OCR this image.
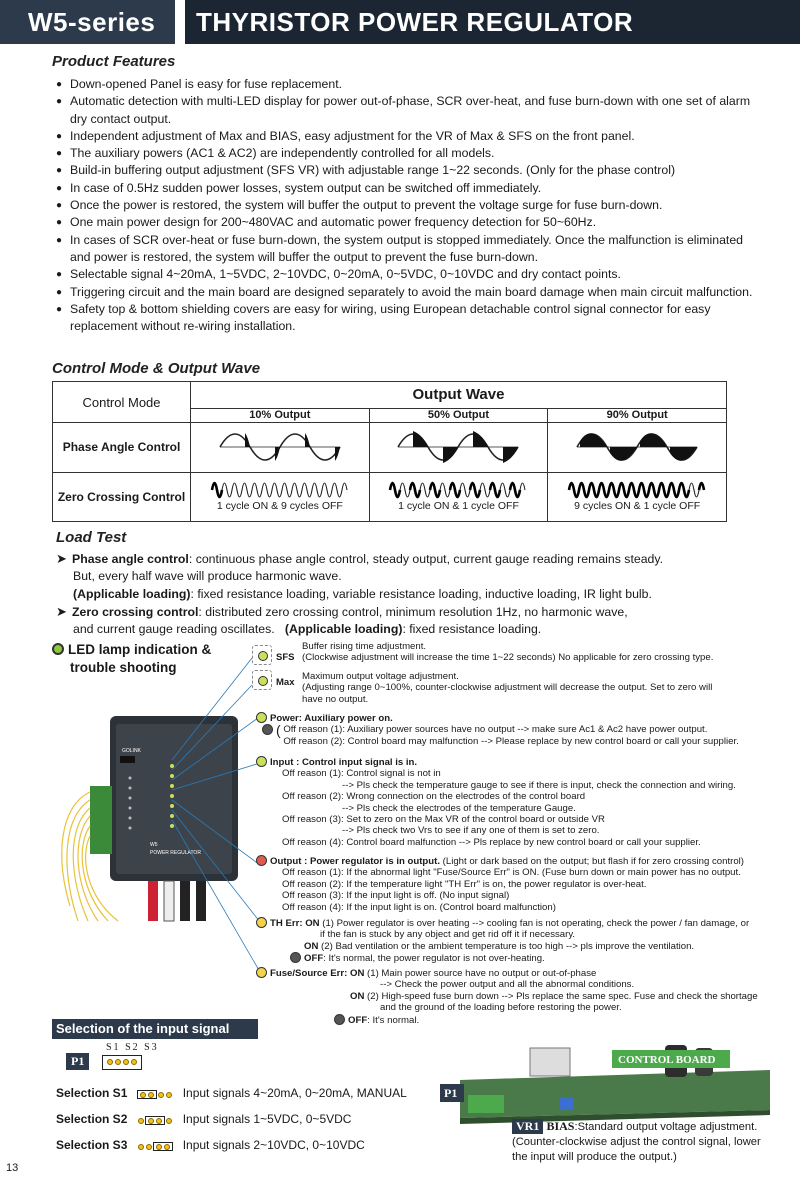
W5-series	THYRISTOR POWER REGULATOR
Product Features
● Down-opened Panel is easy for fuse replacement.
● Automatic detection with multi-LED display for power out-of-phase, SCR over-heat, and fuse burn-down with one set of alarm dry contact output.
● Independent adjustment of Max and BIAS, easy adjustment for the VR of Max & SFS on the front panel.
● The auxiliary powers (AC1 & AC2) are independently controlled for all models.
● Build-in buffering output adjustment (SFS VR) with adjustable range 1~22 seconds. (Only for the phase control)
● In case of 0.5Hz sudden power losses, system output can be switched off immediately.
● Once the power is restored, the system will buffer the output to prevent the voltage surge for fuse burn-down.
● One main power design for 200~480VAC and automatic power frequency detection for 50~60Hz.
● In cases of SCR over-heat or fuse burn-down, the system output is stopped immediately. Once the malfunction is eliminated and power is restored, the system will buffer the output to prevent the fuse burn-down.
● Selectable signal 4~20mA, 1~5VDC, 2~10VDC, 0~20mA, 0~5VDC, 0~10VDC and dry contact points.
● Triggering circuit and the main board are designed separately to avoid the main board damage when main circuit malfunction.
● Safety top & bottom shielding covers are easy for wiring, using European detachable control signal connector for easy replacement without re-wiring installation.
Control Mode & Output Wave
Control Mode	Output Wave		
	10% Output	50% Output	90% Output
Phase Angle Control	

Zero Crossing Control	1 cycle ON & 9 cycles OFF	1 cycle ON & 1 cycle OFF	9 cycles ON & 1 cycle OFF
Load Test
➤ Phase angle control: continuous phase angle control, steady output, current gauge reading remains steady.
But, every half wave will produce harmonic wave.
(Applicable loading): fixed resistance loading, variable resistance loading, inductive loading, IR light bulb.
➤ Zero crossing control: distributed zero crossing control, minimum resolution 1Hz, no harmonic wave,
and current gauge reading oscillates. (Applicable loading): fixed resistance loading.
LED lamp indication &
trouble shooting
GOLINK
W5
POWER REGULATOR
SFS
Buffer rising time adjustment.
(Clockwise adjustment will increase the time 1~22 seconds) No applicable for zero crossing type.
Max
Maximum output voltage adjustment.
(Adjusting range 0~100%, counter-clockwise adjustment will decrease the output. Set to zero will
have no output.
Power: Auxiliary power on.
( Off reason (1): Auxiliary power sources have no output --> make sure Ac1 & Ac2 have power output.
Off reason (2): Control board may malfunction --> Please replace by new control board or call your supplier.
Input : Control input signal is in.
Off reason (1): Control signal is not in
--> Pls check the temperature gauge to see if there is input, check the connection and wiring.
Off reason (2): Wrong connection on the electrodes of the control board
--> Pls check the electrodes of the temperature Gauge.
Off reason (3): Set to zero on the Max VR of the control board or outside VR
--> Pls check two Vrs to see if any one of them is set to zero.
Off reason (4): Control board malfunction --> Pls replace by new control board or call your supplier.
Output : Power regulator is in output. (Light or dark based on the output; but flash if for zero crossing control)
Off reason (1): If the abnormal light "Fuse/Source Err" is ON. (Fuse burn down or main power has no output.
Off reason (2): If the temperature light "TH Err" is on, the power regulator is over-heat.
Off reason (3): If the input light is off. (No input signal)
Off reason (4): If the input light is on. (Control board malfunction)
TH Err: ON (1) Power regulator is over heating --> cooling fan is not operating, check the power / fan damage, or
if the fan is stuck by any object and get rid off it if necessary.
ON (2) Bad ventilation or the ambient temperature is too high --> pls improve the ventilation.
OFF: It's normal, the power regulator is not over-heating.
Fuse/Source Err: ON (1) Main power source have no output or out-of-phase
--> Check the power output and all the abnormal conditions.
ON (2) High-speed fuse burn down --> Pls replace the same spec. Fuse and check the shortage
and the ground of the loading before restoring the power.
OFF: It's normal.
Selection of the input signal
S1 S2 S3
P1
Selection S1	Input signals 4~20mA, 0~20mA, MANUAL
Selection S2	Input signals 1~5VDC, 0~5VDC
Selection S3	Input signals 2~10VDC, 0~10VDC
P1
CONTROL BOARD
VR1 BIAS:Standard output voltage adjustment. (Counter-clockwise adjust the control signal, lower the input will produce the output.)
13
